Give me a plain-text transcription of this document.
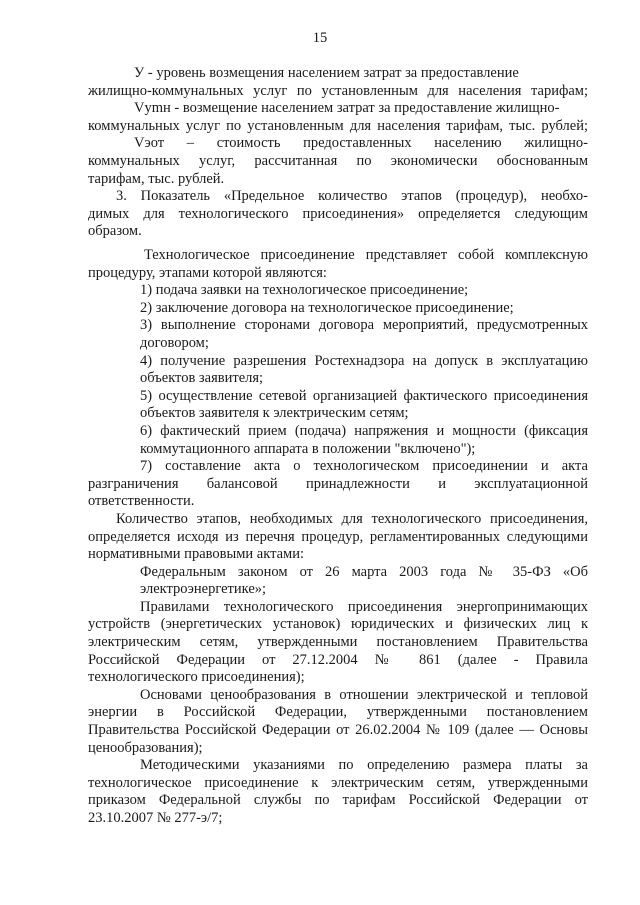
15
У - уровень возмещения населением затрат за предоставление
жилищно-коммунальных услуг по установленным для населения тарифам;
Vуmн - возмещение населением затрат за предоставление жилищно-
коммунальных услуг по установленным для населения тарифам, тыс. рублей;
Vэот – стоимость предоставленных населению жилищно-
коммунальных услуг, рассчитанная по экономически обоснованным
тарифам, тыс. рублей.
3. Показатель «Предельное количество этапов (процедур), необхо-
димых для технологического присоединения» определяется следующим
образом.
Технологическое присоединение представляет собой комплексную
процедуру, этапами которой являются:
1) подача заявки на технологическое присоединение;
2) заключение договора на технологическое присоединение;
3) выполнение сторонами договора мероприятий, предусмотренных
договором;
4) получение разрешения Ростехнадзора на допуск в эксплуатацию
объектов заявителя;
5) осуществление сетевой организацией фактического присоединения
объектов заявителя к электрическим сетям;
6) фактический прием (подача) напряжения и мощности (фиксация
коммутационного аппарата в положении "включено");
7) составление акта о технологическом присоединении и акта
разграничения балансовой принадлежности и эксплуатационной
ответственности.
Количество этапов, необходимых для технологического присоединения,
определяется исходя из перечня процедур, регламентированных следующими
нормативными правовыми актами:
Федеральным законом от 26 марта 2003 года № 35-ФЗ «Об
электроэнергетике»;
Правилами технологического присоединения энергопринимающих
устройств (энергетических установок) юридических и физических лиц к
электрическим сетям, утвержденными постановлением Правительства
Российской Федерации от 27.12.2004 № 861 (далее - Правила
технологического присоединения);
Основами ценообразования в отношении электрической и тепловой
энергии в Российской Федерации, утвержденными постановлением
Правительства Российской Федерации от 26.02.2004 № 109 (далее — Основы
ценообразования);
Методическими указаниями по определению размера платы за
технологическое присоединение к электрическим сетям, утвержденными
приказом Федеральной службы по тарифам Российской Федерации от
23.10.2007 № 277-э/7;
